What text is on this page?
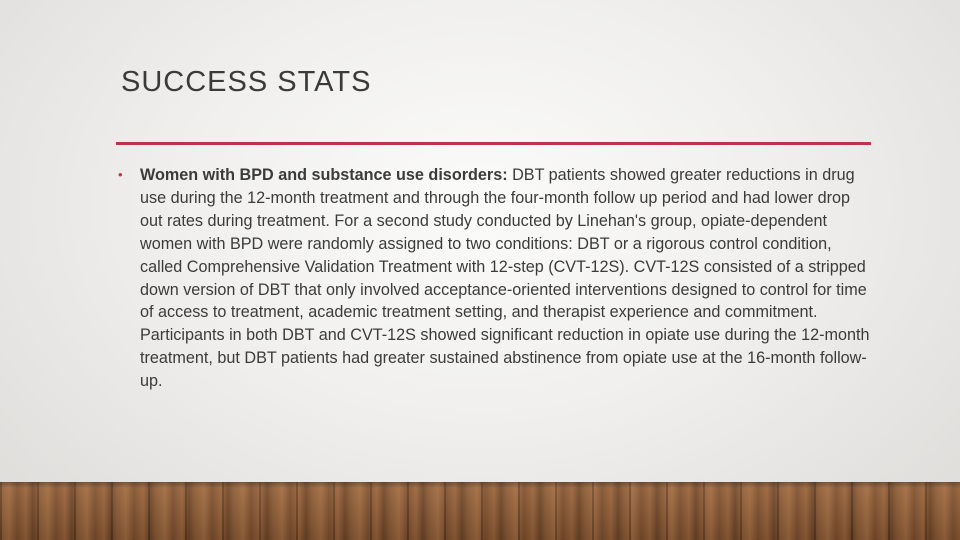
SUCCESS STATS
• Women with BPD and substance use disorders: DBT patients showed greater reductions in drug use during the 12-month treatment and through the four-month follow up period and had lower drop out rates during treatment. For a second study conducted by Linehan's group, opiate-dependent women with BPD were randomly assigned to two conditions: DBT or a rigorous control condition, called Comprehensive Validation Treatment with 12-step (CVT-12S). CVT-12S consisted of a stripped down version of DBT that only involved acceptance-oriented interventions designed to control for time of access to treatment, academic treatment setting, and therapist experience and commitment. Participants in both DBT and CVT-12S showed significant reduction in opiate use during the 12-month treatment, but DBT patients had greater sustained abstinence from opiate use at the 16-month follow-up.
